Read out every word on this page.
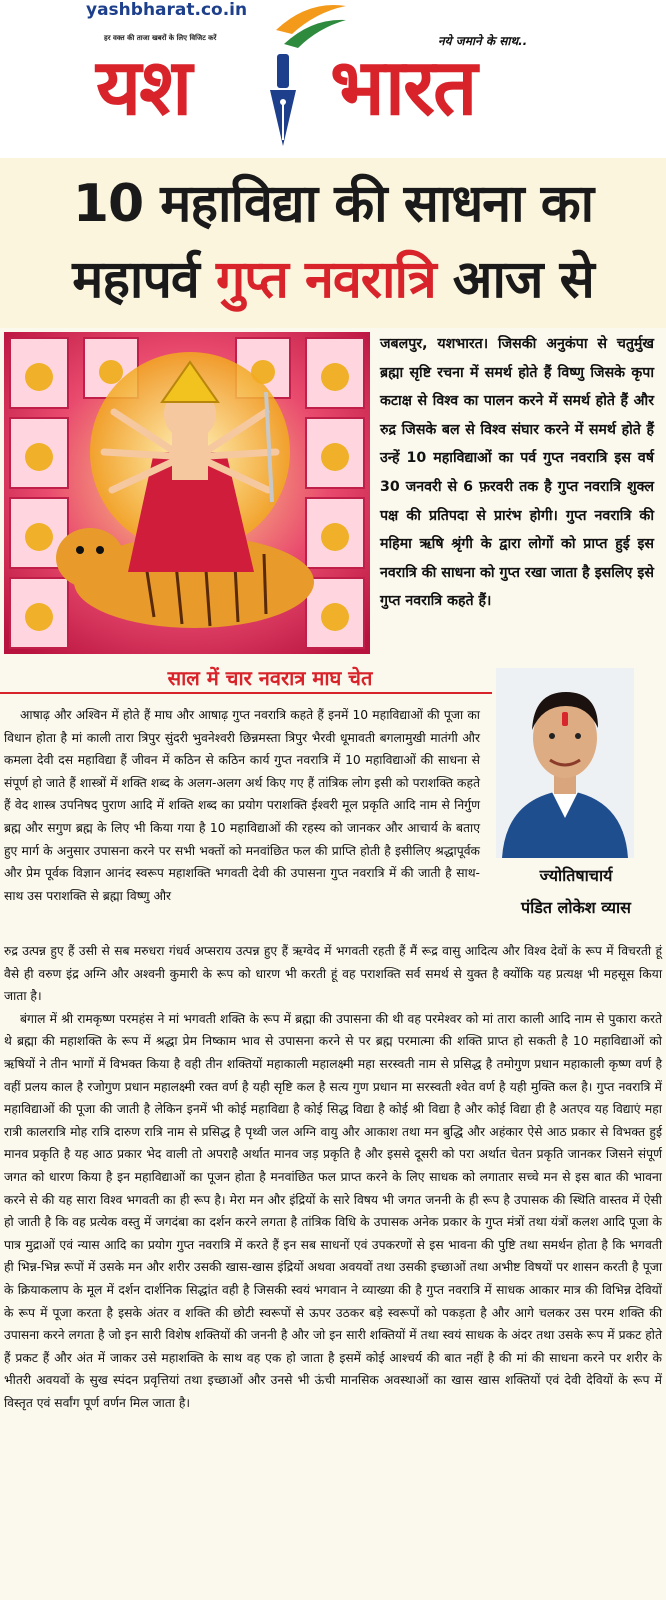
yashbharat.co.in
हर वक्त की ताजा खबरों के लिए विजिट करें	नये जमाने के साथ..
यश भारत
10 महाविद्या की साधना का
महापर्व गुप्त नवरात्रि आज से
जबलपुर, यशभारत। जिसकी अनुकंपा से चतुर्मुख ब्रह्मा सृष्टि रचना में समर्थ होते हैं विष्णु जिसके कृपा कटाक्ष से विश्व का पालन करने में समर्थ होते हैं और रुद्र जिसके बल से विश्व संघार करने में समर्थ होते हैं उन्हें 10 महाविद्याओं का पर्व गुप्त नवरात्रि इस वर्ष 30 जनवरी से 6 फ़रवरी तक है गुप्त नवरात्रि शुक्ल पक्ष की प्रतिपदा से प्रारंभ होगी। गुप्त नवरात्रि की महिमा ऋषि श्रृंगी के द्वारा लोगों को प्राप्त हुई इस नवरात्रि की साधना को गुप्त रखा जाता है इसलिए इसे गुप्त नवरात्रि कहते हैं।
साल में चार नवरात्र माघ चेत
ज्योतिषाचार्य
पंडित लोकेश व्यास

आषाढ़ और अश्विन में होते हैं माघ और आषाढ़ गुप्त नवरात्रि कहते हैं इनमें 10 महाविद्याओं की पूजा का विधान होता है मां काली तारा त्रिपुर सुंदरी भुवनेश्वरी छिन्नमस्ता त्रिपुर भैरवी धूमावती बगलामुखी मातंगी और कमला देवी दस महाविद्या हैं जीवन में कठिन से कठिन कार्य गुप्त नवरात्रि में 10 महाविद्याओं की साधना से संपूर्ण हो जाते हैं शास्त्रों में शक्ति शब्द के अलग-अलग अर्थ किए गए हैं तांत्रिक लोग इसी को पराशक्ति कहते हैं वेद शास्त्र उपनिषद पुराण आदि में शक्ति शब्द का प्रयोग पराशक्ति ईश्वरी मूल प्रकृति आदि नाम से निर्गुण ब्रह्म और सगुण ब्रह्म के लिए भी किया गया है 10 महाविद्याओं की रहस्य को जानकर और आचार्य के बताए हुए मार्ग के अनुसार उपासना करने पर सभी भक्तों को मनवांछित फल की प्राप्ति होती है इसीलिए श्रद्धापूर्वक और प्रेम पूर्वक विज्ञान आनंद स्वरूप महाशक्ति भगवती देवी की उपासना गुप्त नवरात्रि में की जाती है साथ-साथ उस पराशक्ति से ब्रह्मा विष्णु और

रुद्र उत्पन्न हुए हैं उसी से सब मरुधरा गंधर्व अप्सराय उत्पन्न हुए हैं ऋग्वेद में भगवती रहती हैं मैं रूद्र वासु आदित्य और विश्व देवों के रूप में विचरती हूं वैसे ही वरुण इंद्र अग्नि और अश्वनी कुमारी के रूप को धारण भी करती हूं वह पराशक्ति सर्व समर्थ से युक्त है क्योंकि यह प्रत्यक्ष भी महसूस किया जाता है।

बंगाल में श्री रामकृष्ण परमहंस ने मां भगवती शक्ति के रूप में ब्रह्मा की उपासना की थी वह परमेश्वर को मां तारा काली आदि नाम से पुकारा करते थे ब्रह्मा की महाशक्ति के रूप में श्रद्धा प्रेम निष्काम भाव से उपासना करने से पर ब्रह्म परमात्मा की शक्ति प्राप्त हो सकती है 10 महाविद्याओं को ऋषियों ने तीन भागों में विभक्त किया है वही तीन शक्तियों महाकाली महालक्ष्मी महा सरस्वती नाम से प्रसिद्ध है तमोगुण प्रधान महाकाली कृष्ण वर्ण है वहीं प्रलय काल है रजोगुण प्रधान महालक्ष्मी रक्त वर्ण है यही सृष्टि कल है सत्य गुण प्रधान मा सरस्वती श्वेत वर्ण है यही मुक्ति कल है। गुप्त नवरात्रि में महाविद्याओं की पूजा की जाती है लेकिन इनमें भी कोई महाविद्या है कोई सिद्ध विद्या है कोई श्री विद्या है और कोई विद्या ही है अतएव यह विद्याएं महा रात्री कालरात्रि मोह रात्रि दारुण रात्रि नाम से प्रसिद्ध है पृथ्वी जल अग्नि वायु और आकाश तथा मन बुद्धि और अहंकार ऐसे आठ प्रकार से विभक्त हुई मानव प्रकृति है यह आठ प्रकार भेद वाली तो अपराहै अर्थात मानव जड़ प्रकृति है और इससे दूसरी को परा अर्थात चेतन प्रकृति जानकर जिसने संपूर्ण जगत को धारण किया है इन महाविद्याओं का पूजन होता है मनवांछित फल प्राप्त करने के लिए साधक को लगातार सच्चे मन से इस बात की भावना करने से की यह सारा विश्व भगवती का ही रूप है। मेरा मन और इंद्रियों के सारे विषय भी जगत जननी के ही रूप है उपासक की स्थिति वास्तव में ऐसी हो जाती है कि वह प्रत्येक वस्तु में जगदंबा का दर्शन करने लगता है तांत्रिक विधि के उपासक अनेक प्रकार के गुप्त मंत्रों तथा यंत्रों कलश आदि पूजा के पात्र मुद्राओं एवं न्यास आदि का प्रयोग गुप्त नवरात्रि में करते हैं इन सब साधनों एवं उपकरणों से इस भावना की पुष्टि तथा समर्थन होता है कि भगवती ही भिन्न-भिन्न रूपों में उसके मन और शरीर उसकी खास-खास इंद्रियों अथवा अवयवों तथा उसकी इच्छाओं तथा अभीष्ट विषयों पर शासन करती है पूजा के क्रियाकलाप के मूल में दर्शन दार्शनिक सिद्धांत वही है जिसकी स्वयं भगवान ने व्याख्या की है गुप्त नवरात्रि में साधक आकार मात्र की विभिन्न देवियों के रूप में पूजा करता है इसके अंतर व शक्ति की छोटी स्वरूपों से ऊपर उठकर बड़े स्वरूपों को पकड़ता है और आगे चलकर उस परम शक्ति की उपासना करने लगता है जो इन सारी विशेष शक्तियों की जननी है और जो इन सारी शक्तियों में तथा स्वयं साधक के अंदर तथा उसके रूप में प्रकट होते हैं प्रकट हैं और अंत में जाकर उसे महाशक्ति के साथ वह एक हो जाता है इसमें कोई आश्चर्य की बात नहीं है की मां की साधना करने पर शरीर के भीतरी अवयवों के सुख स्पंदन प्रवृत्तियां तथा इच्छाओं और उनसे भी ऊंची मानसिक अवस्थाओं का खास खास शक्तियों एवं देवी देवियों के रूप में विस्तृत एवं सर्वांग पूर्ण वर्णन मिल जाता है।
